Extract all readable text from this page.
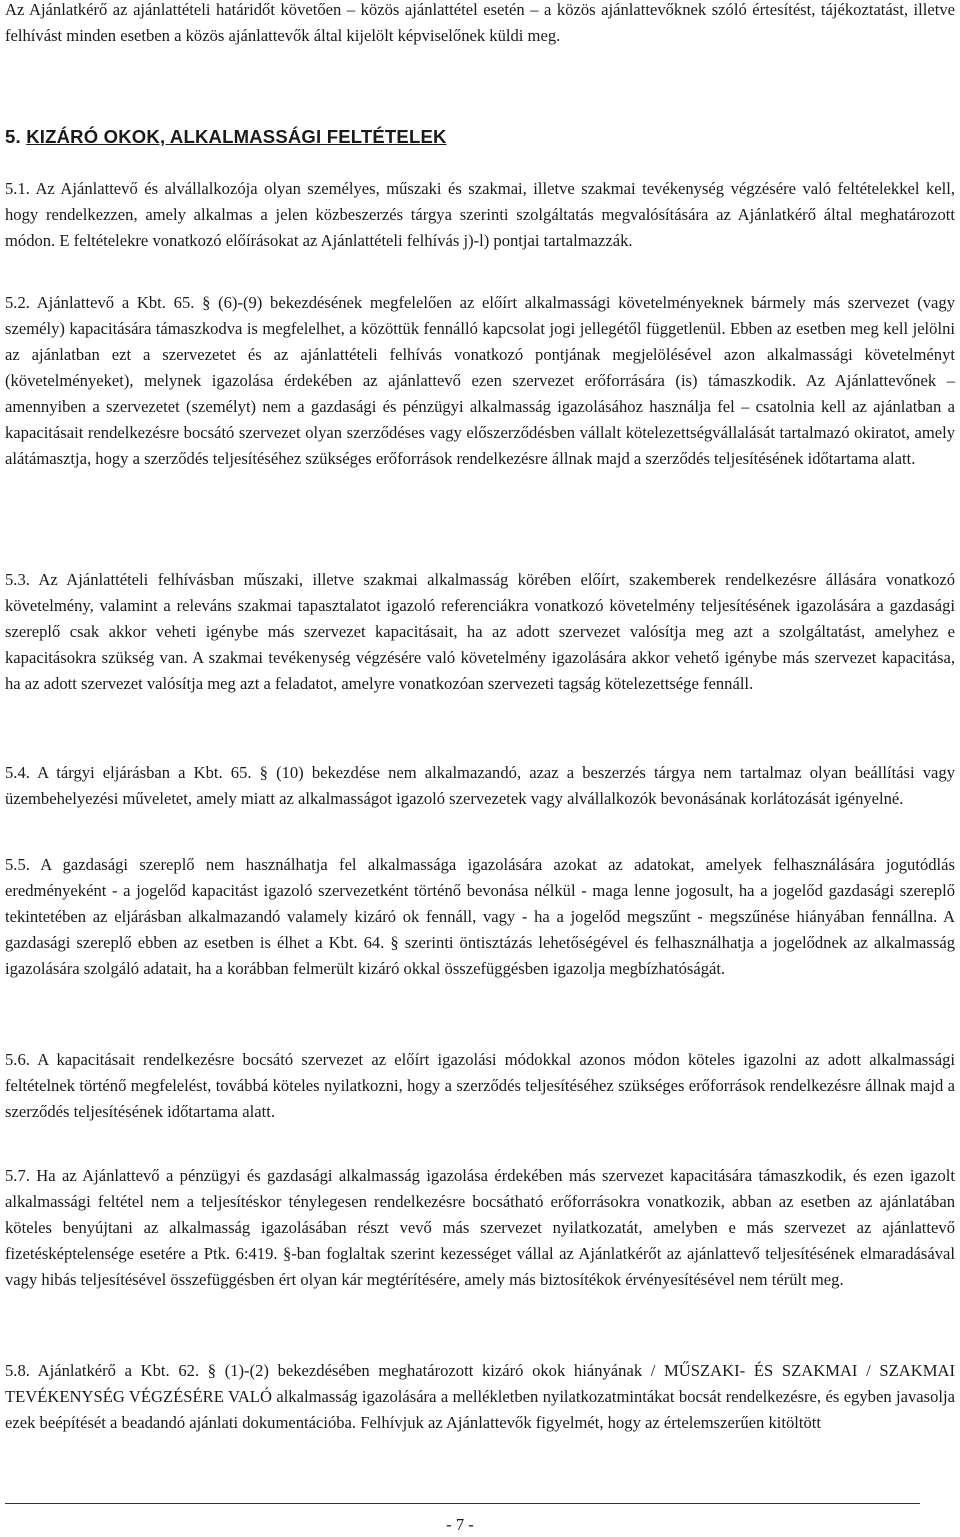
Az Ajánlatkérő az ajánlattételi határidőt követően – közös ajánlattétel esetén – a közös ajánlattevőknek szóló értesítést, tájékoztatást, illetve felhívást minden esetben a közös ajánlattevők által kijelölt képviselőnek küldi meg.

5. KIZÁRÓ OKOK, ALKALMASSÁGI FELTÉTELEK

5.1. Az Ajánlattevő és alvállalkozója olyan személyes, műszaki és szakmai, illetve szakmai tevékenység végzésére való feltételekkel kell, hogy rendelkezzen, amely alkalmas a jelen közbeszerzés tárgya szerinti szolgáltatás megvalósítására az Ajánlatkérő által meghatározott módon. E feltételekre vonatkozó előírásokat az Ajánlattételi felhívás j)-l) pontjai tartalmazzák.

5.2. Ajánlattevő a Kbt. 65. § (6)-(9) bekezdésének megfelelően az előírt alkalmassági követelményeknek bármely más szervezet (vagy személy) kapacitására támaszkodva is megfelelhet, a közöttük fennálló kapcsolat jogi jellegétől függetlenül. Ebben az esetben meg kell jelölni az ajánlatban ezt a szervezetet és az ajánlattételi felhívás vonatkozó pontjának megjelölésével azon alkalmassági követelményt (követelményeket), melynek igazolása érdekében az ajánlattevő ezen szervezet erőforrására (is) támaszkodik. Az Ajánlattevőnek – amennyiben a szervezetet (személyt) nem a gazdasági és pénzügyi alkalmasság igazolásához használja fel – csatolnia kell az ajánlatban a kapacitásait rendelkezésre bocsátó szervezet olyan szerződéses vagy előszerződésben vállalt kötelezettségvállalását tartalmazó okiratot, amely alátámasztja, hogy a szerződés teljesítéséhez szükséges erőforrások rendelkezésre állnak majd a szerződés teljesítésének időtartama alatt.

5.3. Az Ajánlattételi felhívásban műszaki, illetve szakmai alkalmasság körében előírt, szakemberek rendelkezésre állására vonatkozó követelmény, valamint a releváns szakmai tapasztalatot igazoló referenciákra vonatkozó követelmény teljesítésének igazolására a gazdasági szereplő csak akkor veheti igénybe más szervezet kapacitásait, ha az adott szervezet valósítja meg azt a szolgáltatást, amelyhez e kapacitásokra szükség van. A szakmai tevékenység végzésére való követelmény igazolására akkor vehető igénybe más szervezet kapacitása, ha az adott szervezet valósítja meg azt a feladatot, amelyre vonatkozóan szervezeti tagság kötelezettsége fennáll.

5.4. A tárgyi eljárásban a Kbt. 65. § (10) bekezdése nem alkalmazandó, azaz a beszerzés tárgya nem tartalmaz olyan beállítási vagy üzembehelyezési műveletet, amely miatt az alkalmasságot igazoló szervezetek vagy alvállalkozók bevonásának korlátozását igényelné.

5.5. A gazdasági szereplő nem használhatja fel alkalmassága igazolására azokat az adatokat, amelyek felhasználására jogutódlás eredményeként - a jogelőd kapacitást igazoló szervezetként történő bevonása nélkül - maga lenne jogosult, ha a jogelőd gazdasági szereplő tekintetében az eljárásban alkalmazandó valamely kizáró ok fennáll, vagy - ha a jogelőd megszűnt - megszűnése hiányában fennállna. A gazdasági szereplő ebben az esetben is élhet a Kbt. 64. § szerinti öntisztázás lehetőségével és felhasználhatja a jogelődnek az alkalmasság igazolására szolgáló adatait, ha a korábban felmerült kizáró okkal összefüggésben igazolja megbízhatóságát.

5.6. A kapacitásait rendelkezésre bocsátó szervezet az előírt igazolási módokkal azonos módon köteles igazolni az adott alkalmassági feltételnek történő megfelelést, továbbá köteles nyilatkozni, hogy a szerződés teljesítéséhez szükséges erőforrások rendelkezésre állnak majd a szerződés teljesítésének időtartama alatt.

5.7. Ha az Ajánlattevő a pénzügyi és gazdasági alkalmasság igazolása érdekében más szervezet kapacitására támaszkodik, és ezen igazolt alkalmassági feltétel nem a teljesítéskor ténylegesen rendelkezésre bocsátható erőforrásokra vonatkozik, abban az esetben az ajánlatában köteles benyújtani az alkalmasság igazolásában részt vevő más szervezet nyilatkozatát, amelyben e más szervezet az ajánlattevő fizetésképtelensége esetére a Ptk. 6:419. §-ban foglaltak szerint kezességet vállal az Ajánlatkérőt az ajánlattevő teljesítésének elmaradásával vagy hibás teljesítésével összefüggésben ért olyan kár megtérítésére, amely más biztosítékok érvényesítésével nem térült meg.

5.8. Ajánlatkérő a Kbt. 62. § (1)-(2) bekezdésében meghatározott kizáró okok hiányának / MŰSZAKI- ÉS SZAKMAI / SZAKMAI TEVÉKENYSÉG VÉGZÉSÉRE VALÓ alkalmasság igazolására a mellékletben nyilatkozatmintákat bocsát rendelkezésre, és egyben javasolja ezek beépítését a beadandó ajánlati dokumentációba. Felhívjuk az Ajánlattevők figyelmét, hogy az értelemszerűen kitöltött

- 7 -
